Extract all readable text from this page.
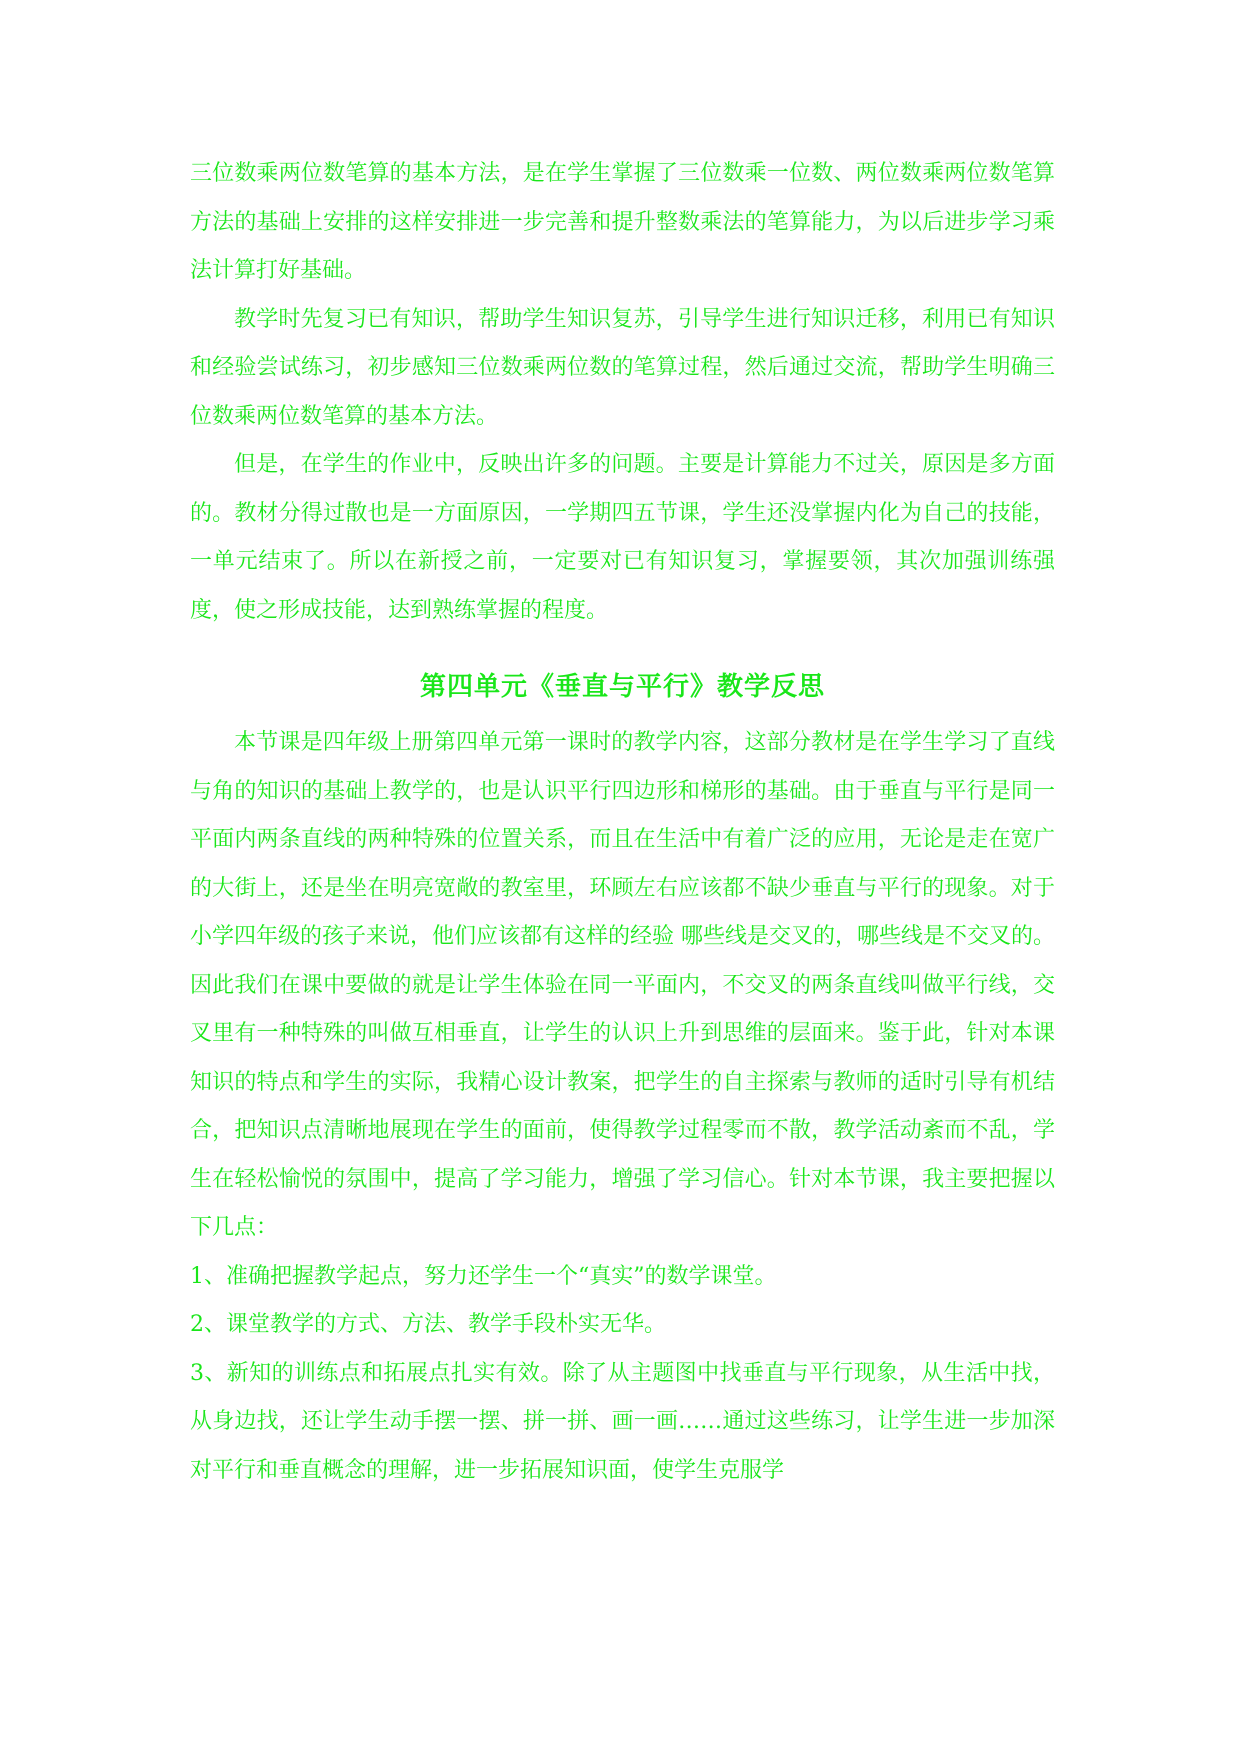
三位数乘两位数笔算的基本方法，是在学生掌握了三位数乘一位数、两位数乘两位数笔算方法的基础上安排的这样安排进一步完善和提升整数乘法的笔算能力，为以后进步学习乘法计算打好基础。

教学时先复习已有知识，帮助学生知识复苏，引导学生进行知识迁移，利用已有知识和经验尝试练习，初步感知三位数乘两位数的笔算过程，然后通过交流，帮助学生明确三位数乘两位数笔算的基本方法。

但是，在学生的作业中，反映出许多的问题。主要是计算能力不过关，原因是多方面的。教材分得过散也是一方面原因，一学期四五节课，学生还没掌握内化为自己的技能，一单元结束了。所以在新授之前，一定要对已有知识复习，掌握要领，其次加强训练强度，使之形成技能，达到熟练掌握的程度。

第四单元《垂直与平行》教学反思

本节课是四年级上册第四单元第一课时的教学内容，这部分教材是在学生学习了直线与角的知识的基础上教学的，也是认识平行四边形和梯形的基础。由于垂直与平行是同一平面内两条直线的两种特殊的位置关系，而且在生活中有着广泛的应用，无论是走在宽广的大街上，还是坐在明亮宽敞的教室里，环顾左右应该都不缺少垂直与平行的现象。对于小学四年级的孩子来说，他们应该都有这样的经验 哪些线是交叉的，哪些线是不交叉的。因此我们在课中要做的就是让学生体验在同一平面内，不交叉的两条直线叫做平行线，交叉里有一种特殊的叫做互相垂直，让学生的认识上升到思维的层面来。鉴于此，针对本课知识的特点和学生的实际，我精心设计教案，把学生的自主探索与教师的适时引导有机结合，把知识点清晰地展现在学生的面前，使得教学过程零而不散，教学活动紊而不乱，学生在轻松愉悦的氛围中，提高了学习能力，增强了学习信心。针对本节课，我主要把握以下几点：

1、准确把握教学起点，努力还学生一个“真实”的数学课堂。

2、课堂教学的方式、方法、教学手段朴实无华。

3、新知的训练点和拓展点扎实有效。除了从主题图中找垂直与平行现象，从生活中找，从身边找，还让学生动手摆一摆、拼一拼、画一画……通过这些练习，让学生进一步加深对平行和垂直概念的理解，进一步拓展知识面，使学生克服学
